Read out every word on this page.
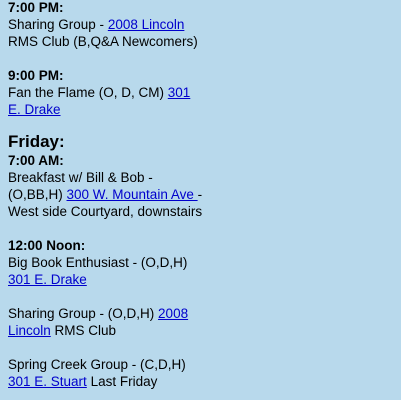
7:00 PM:
Sharing Group - 2008 Lincoln
RMS Club (B,Q&A Newcomers)
9:00 PM:
Fan the Flame (O, D, CM) 301
E. Drake
Friday:
7:00 AM:
Breakfast w/ Bill & Bob -
(O,BB,H) 300 W. Mountain Ave -
West side Courtyard, downstairs
12:00 Noon:
Big Book Enthusiast - (O,D,H)
301 E. Drake
Sharing Group - (O,D,H) 2008
Lincoln RMS Club
Spring Creek Group - (C,D,H)
301 E. Stuart Last Friday
